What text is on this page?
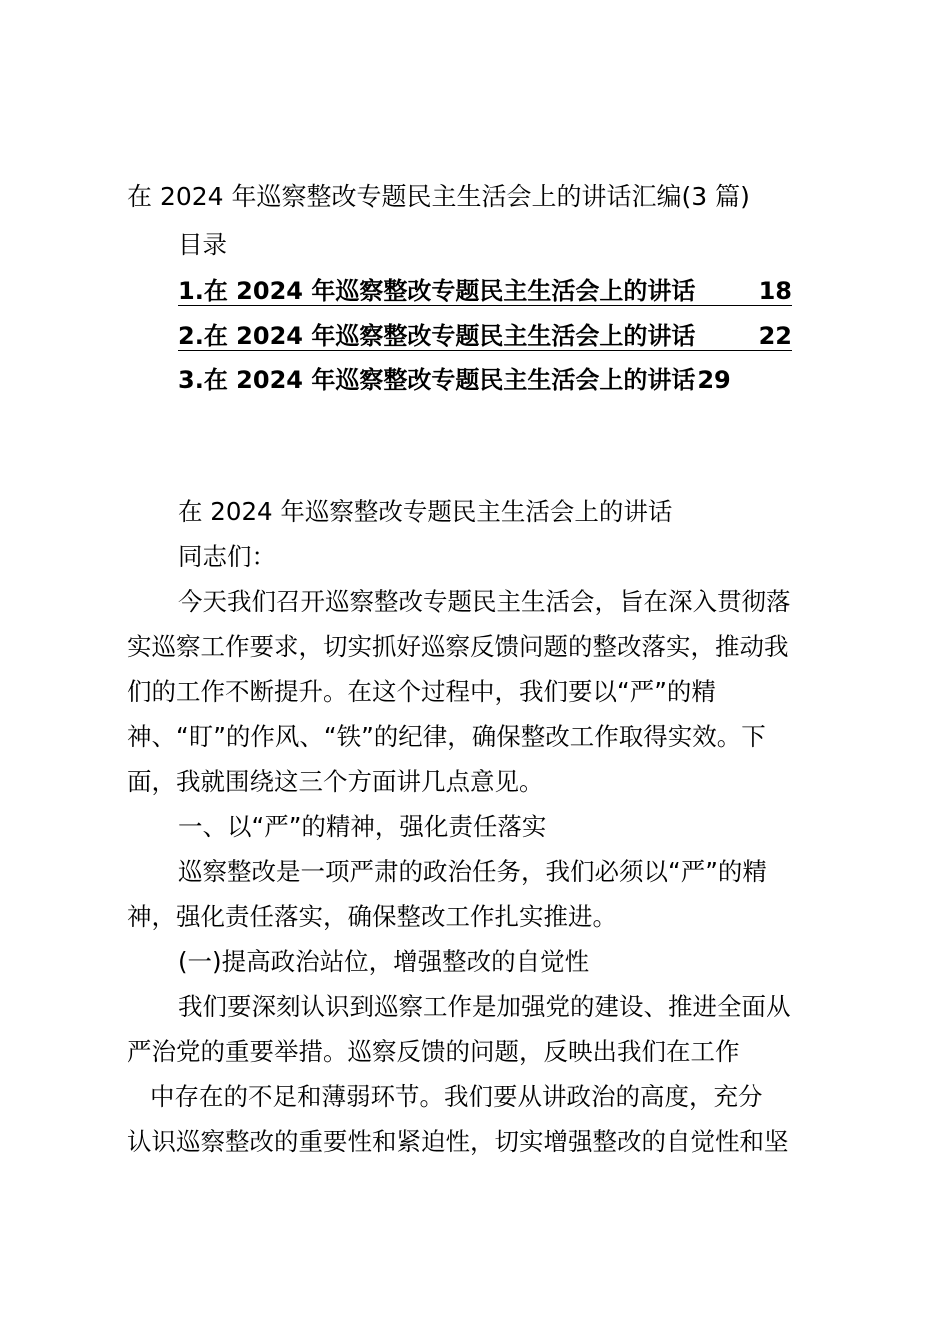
在 2024 年巡察整改专题民主生活会上的讲话汇编(3 篇)
目录
1.在 2024 年巡察整改专题民主生活会上的讲话	18
2.在 2024 年巡察整改专题民主生活会上的讲话	22
3.在 2024 年巡察整改专题民主生活会上的讲话29
在 2024 年巡察整改专题民主生活会上的讲话
同志们：
今天我们召开巡察整改专题民主生活会，旨在深入贯彻落
实巡察工作要求，切实抓好巡察反馈问题的整改落实，推动我
们的工作不断提升。在这个过程中，我们要以“严”的精
神、“盯”的作风、“铁”的纪律，确保整改工作取得实效。下
面，我就围绕这三个方面讲几点意见。
一、以“严”的精神，强化责任落实
巡察整改是一项严肃的政治任务，我们必须以“严”的精
神，强化责任落实，确保整改工作扎实推进。
(一)提高政治站位，增强整改的自觉性
我们要深刻认识到巡察工作是加强党的建设、推进全面从
严治党的重要举措。巡察反馈的问题，反映出我们在工作
中存在的不足和薄弱环节。我们要从讲政治的高度，充分
认识巡察整改的重要性和紧迫性，切实增强整改的自觉性和坚
